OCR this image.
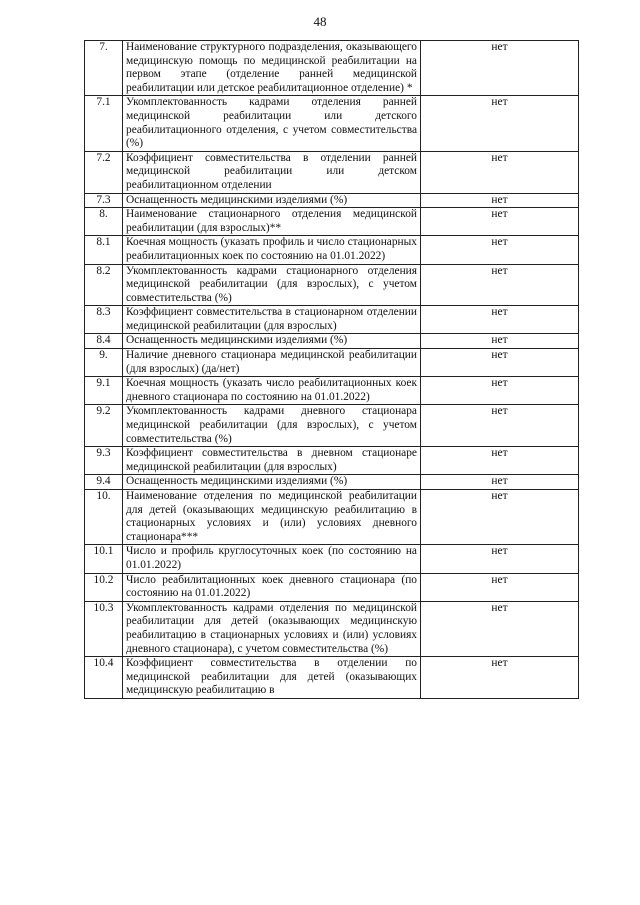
48
7.	Наименование структурного подразделения, оказывающего медицинскую помощь по медицинской реабилитации на первом этапе (отделение ранней медицинской реабилитации или детское реабилитационное отделение) *	нет
7.1	Укомплектованность кадрами отделения ранней медицинской реабилитации или детского реабилитационного отделения, с учетом совместительства (%)	нет
7.2	Коэффициент совместительства в отделении ранней медицинской реабилитации или детском реабилитационном отделении	нет
7.3	Оснащенность медицинскими изделиями (%)	нет
8.	Наименование стационарного отделения медицинской реабилитации (для взрослых)**	нет
8.1	Коечная мощность (указать профиль и число стационарных реабилитационных коек по состоянию на 01.01.2022)	нет
8.2	Укомплектованность кадрами стационарного отделения медицинской реабилитации (для взрослых), с учетом совместительства (%)	нет
8.3	Коэффициент совместительства в стационарном отделении медицинской реабилитации (для взрослых)	нет
8.4	Оснащенность медицинскими изделиями (%)	нет
9.	Наличие дневного стационара медицинской реабилитации (для взрослых) (да/нет)	нет
9.1	Коечная мощность (указать число реабилитационных коек дневного стационара по состоянию на 01.01.2022)	нет
9.2	Укомплектованность кадрами дневного стационара медицинской реабилитации (для взрослых), с учетом совместительства (%)	нет
9.3	Коэффициент совместительства в дневном стационаре медицинской реабилитации (для взрослых)	нет
9.4	Оснащенность медицинскими изделиями (%)	нет
10.	Наименование отделения по медицинской реабилитации для детей (оказывающих медицинскую реабилитацию в стационарных условиях и (или) условиях дневного стационара***	нет
10.1	Число и профиль круглосуточных коек (по состоянию на 01.01.2022)	нет
10.2	Число реабилитационных коек дневного стационара (по состоянию на 01.01.2022)	нет
10.3	Укомплектованность кадрами отделения по медицинской реабилитации для детей (оказывающих медицинскую реабилитацию в стационарных условиях и (или) условиях дневного стационара), с учетом совместительства (%)	нет
10.4	Коэффициент совместительства в отделении по медицинской реабилитации для детей (оказывающих медицинскую реабилитацию в	нет
